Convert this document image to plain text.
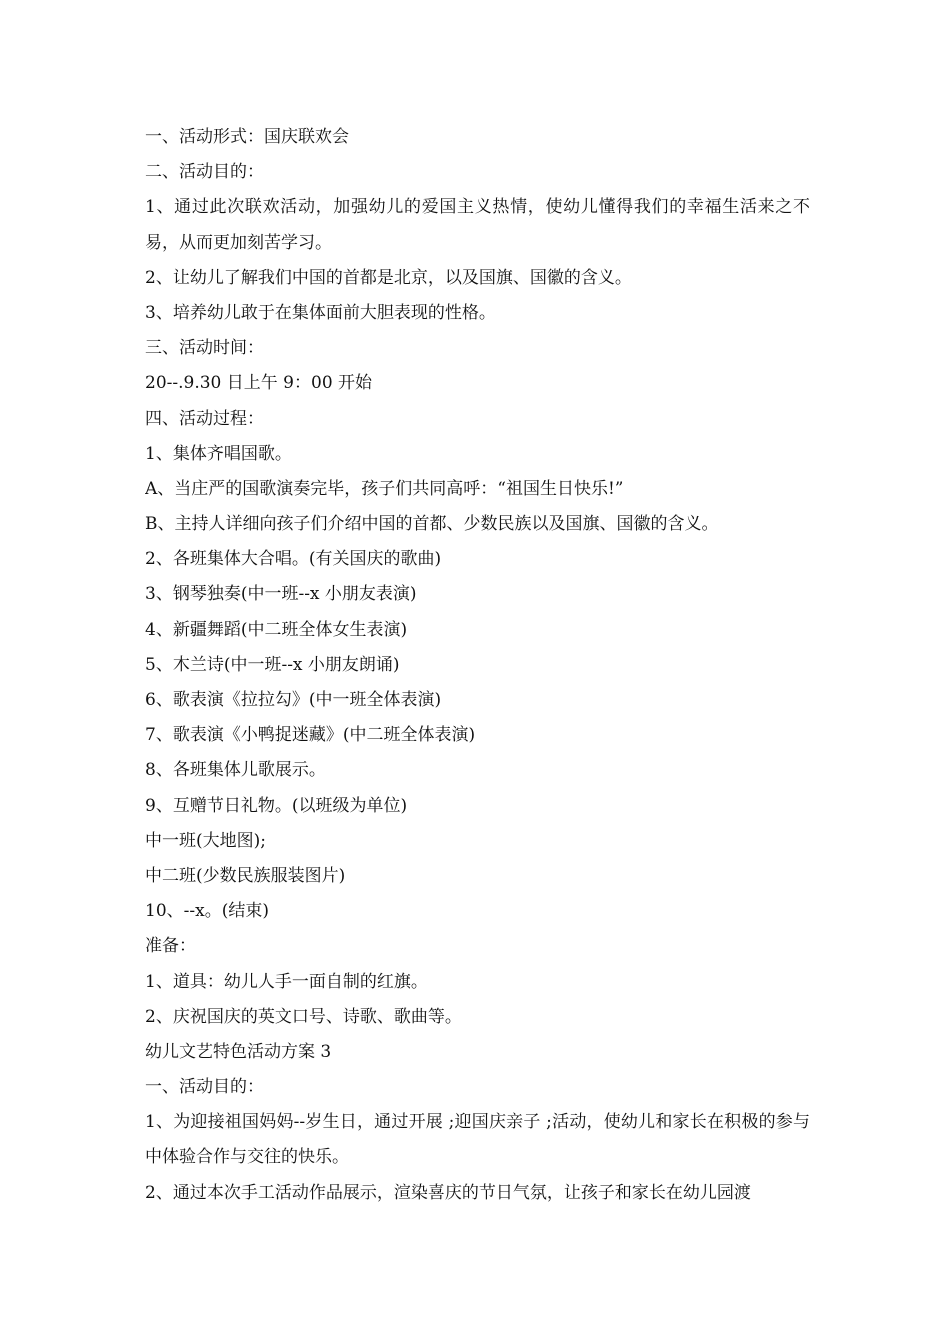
一、活动形式：国庆联欢会

二、活动目的：

1、通过此次联欢活动，加强幼儿的爱国主义热情，使幼儿懂得我们的幸福生活来之不易，从而更加刻苦学习。

2、让幼儿了解我们中国的首都是北京，以及国旗、国徽的含义。

3、培养幼儿敢于在集体面前大胆表现的性格。

三、活动时间：

20--.9.30 日上午 9：00 开始

四、活动过程：

1、集体齐唱国歌。

A、当庄严的国歌演奏完毕，孩子们共同高呼：“祖国生日快乐!”

B、主持人详细向孩子们介绍中国的首都、少数民族以及国旗、国徽的含义。

2、各班集体大合唱。(有关国庆的歌曲)

3、钢琴独奏(中一班--x 小朋友表演)

4、新疆舞蹈(中二班全体女生表演)

5、木兰诗(中一班--x 小朋友朗诵)

6、歌表演《拉拉勾》(中一班全体表演)

7、歌表演《小鸭捉迷藏》(中二班全体表演)

8、各班集体儿歌展示。

9、互赠节日礼物。(以班级为单位)

中一班(大地图);

中二班(少数民族服装图片)

10、--x。(结束)

准备：

1、道具：幼儿人手一面自制的红旗。

2、庆祝国庆的英文口号、诗歌、歌曲等。

幼儿文艺特色活动方案 3

一、活动目的：

1、为迎接祖国妈妈--岁生日，通过开展 ;迎国庆亲子 ;活动，使幼儿和家长在积极的参与中体验合作与交往的快乐。

2、通过本次手工活动作品展示，渲染喜庆的节日气氛，让孩子和家长在幼儿园渡
